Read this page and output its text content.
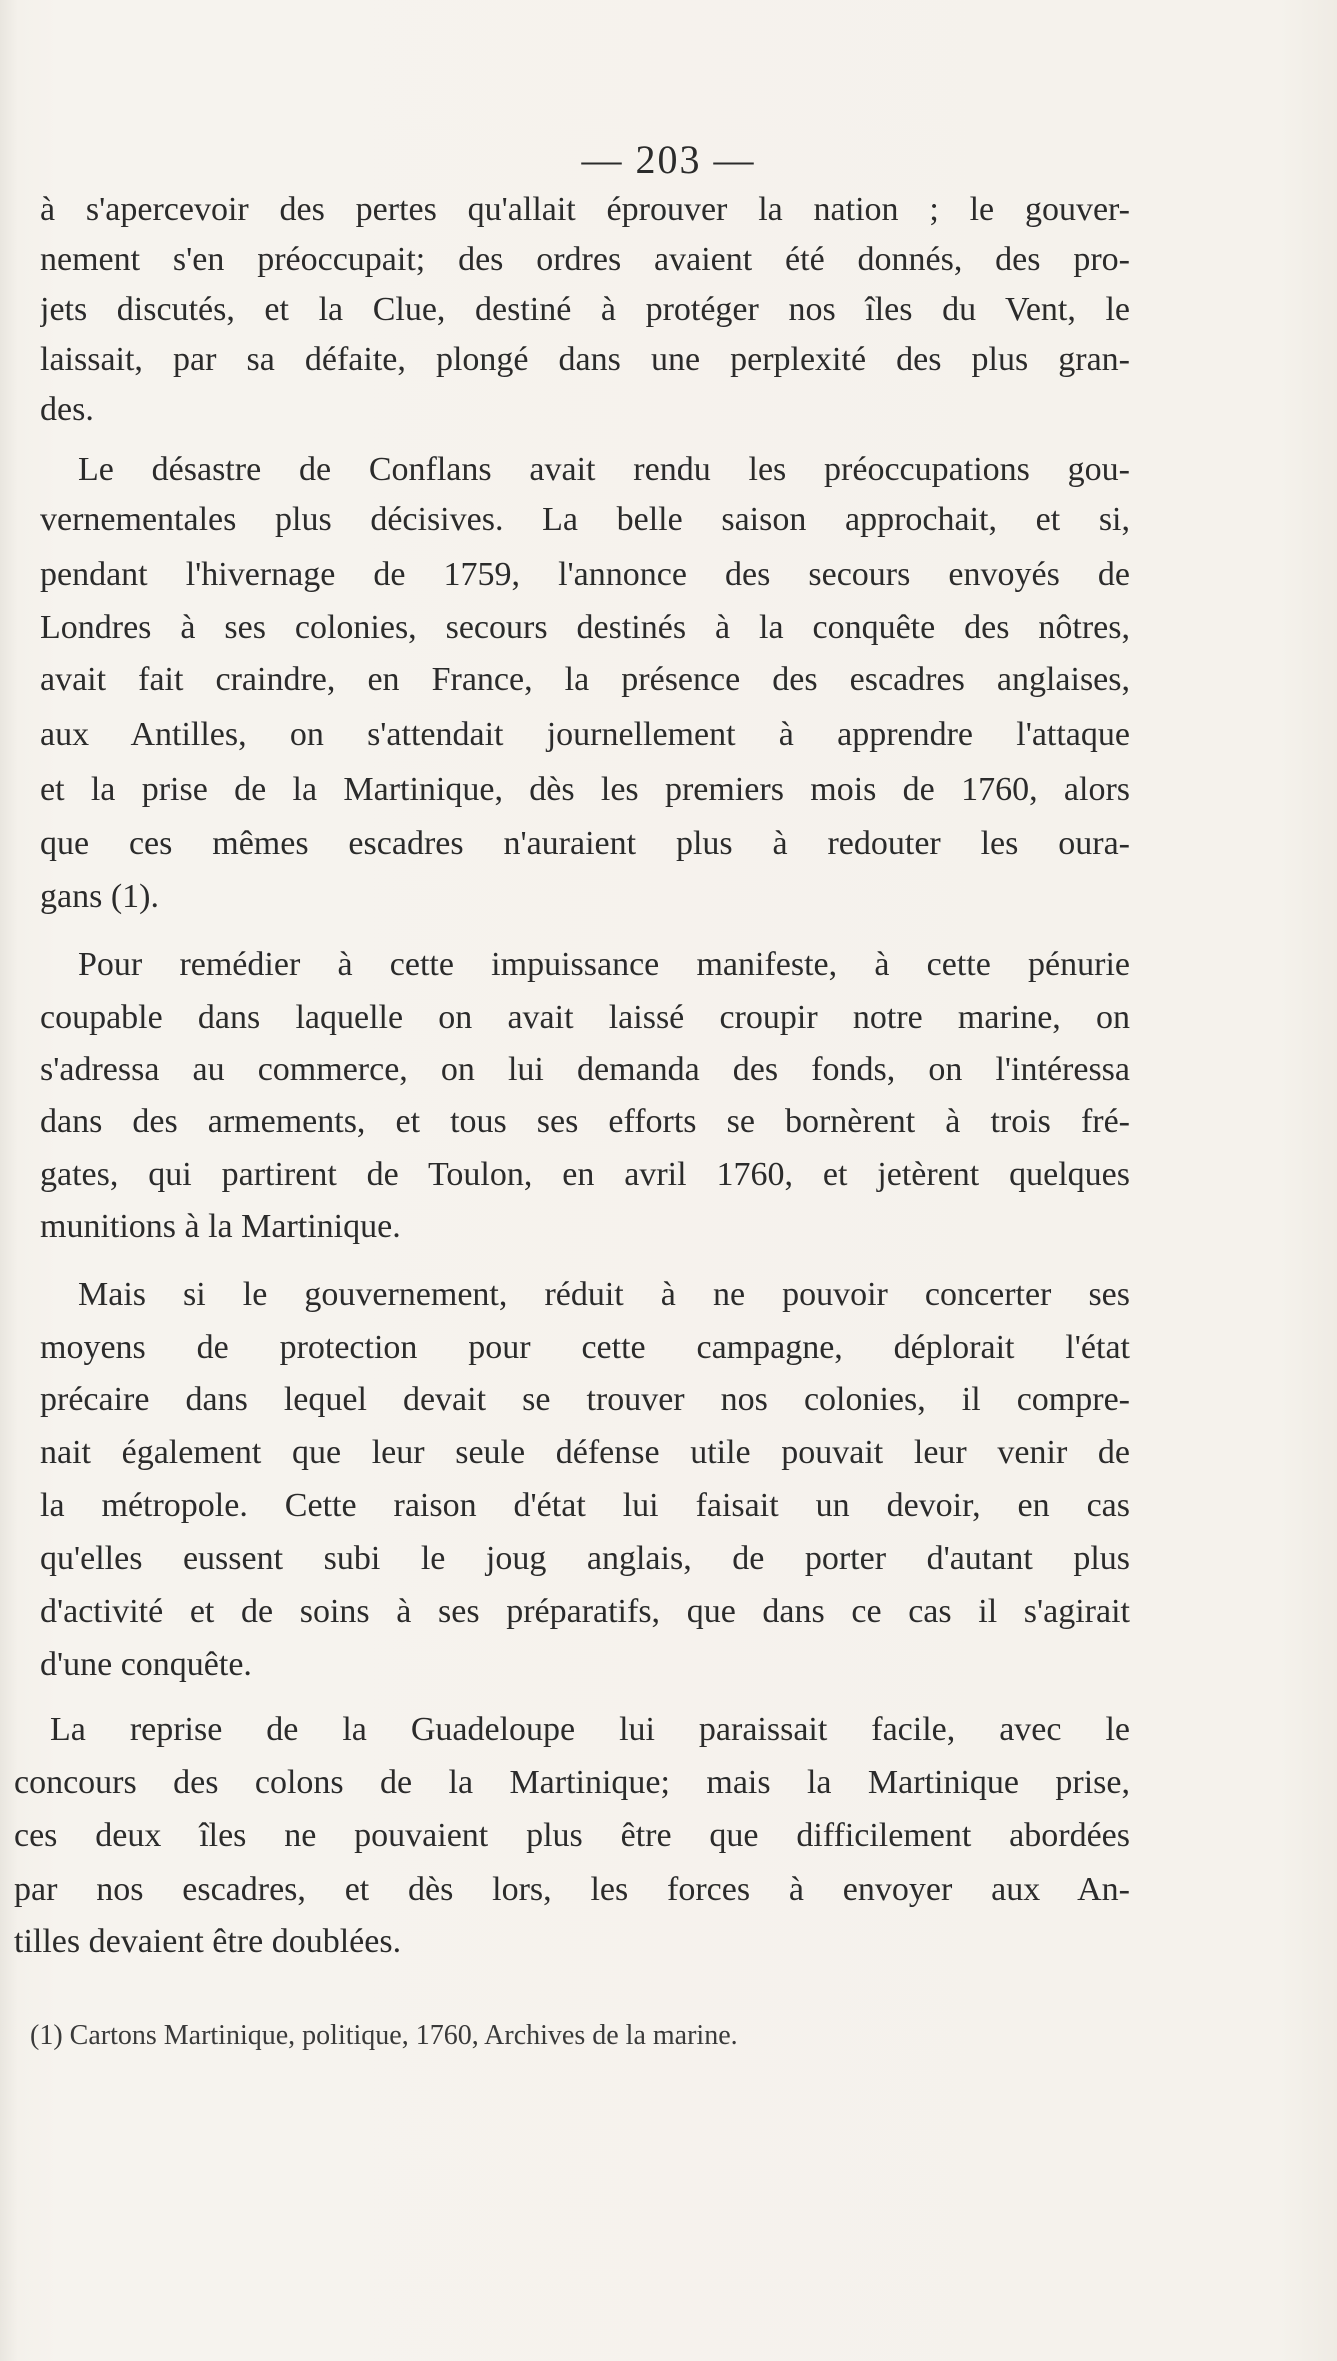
— 203 —
à s'apercevoir des pertes qu'allait éprouver la nation ; le gouver-
nement s'en préoccupait; des ordres avaient été donnés, des pro-
jets discutés, et la Clue, destiné à protéger nos îles du Vent, le
laissait, par sa défaite, plongé dans une perplexité des plus gran-
des.
Le désastre de Conflans avait rendu les préoccupations gou-
vernementales plus décisives. La belle saison approchait, et si,
pendant l'hivernage de 1759, l'annonce des secours envoyés de
Londres à ses colonies, secours destinés à la conquête des nôtres,
avait fait craindre, en France, la présence des escadres anglaises,
aux Antilles, on s'attendait journellement à apprendre l'attaque
et la prise de la Martinique, dès les premiers mois de 1760, alors
que ces mêmes escadres n'auraient plus à redouter les oura-
gans (1).
Pour remédier à cette impuissance manifeste, à cette pénurie
coupable dans laquelle on avait laissé croupir notre marine, on
s'adressa au commerce, on lui demanda des fonds, on l'intéressa
dans des armements, et tous ses efforts se bornèrent à trois fré-
gates, qui partirent de Toulon, en avril 1760, et jetèrent quelques
munitions à la Martinique.
Mais si le gouvernement, réduit à ne pouvoir concerter ses
moyens de protection pour cette campagne, déplorait l'état
précaire dans lequel devait se trouver nos colonies, il compre-
nait également que leur seule défense utile pouvait leur venir de
la métropole. Cette raison d'état lui faisait un devoir, en cas
qu'elles eussent subi le joug anglais, de porter d'autant plus
d'activité et de soins à ses préparatifs, que dans ce cas il s'agirait
d'une conquête.
La reprise de la Guadeloupe lui paraissait facile, avec le
concours des colons de la Martinique; mais la Martinique prise,
ces deux îles ne pouvaient plus être que difficilement abordées
par nos escadres, et dès lors, les forces à envoyer aux An-
tilles devaient être doublées.
(1) Cartons Martinique, politique, 1760, Archives de la marine.
